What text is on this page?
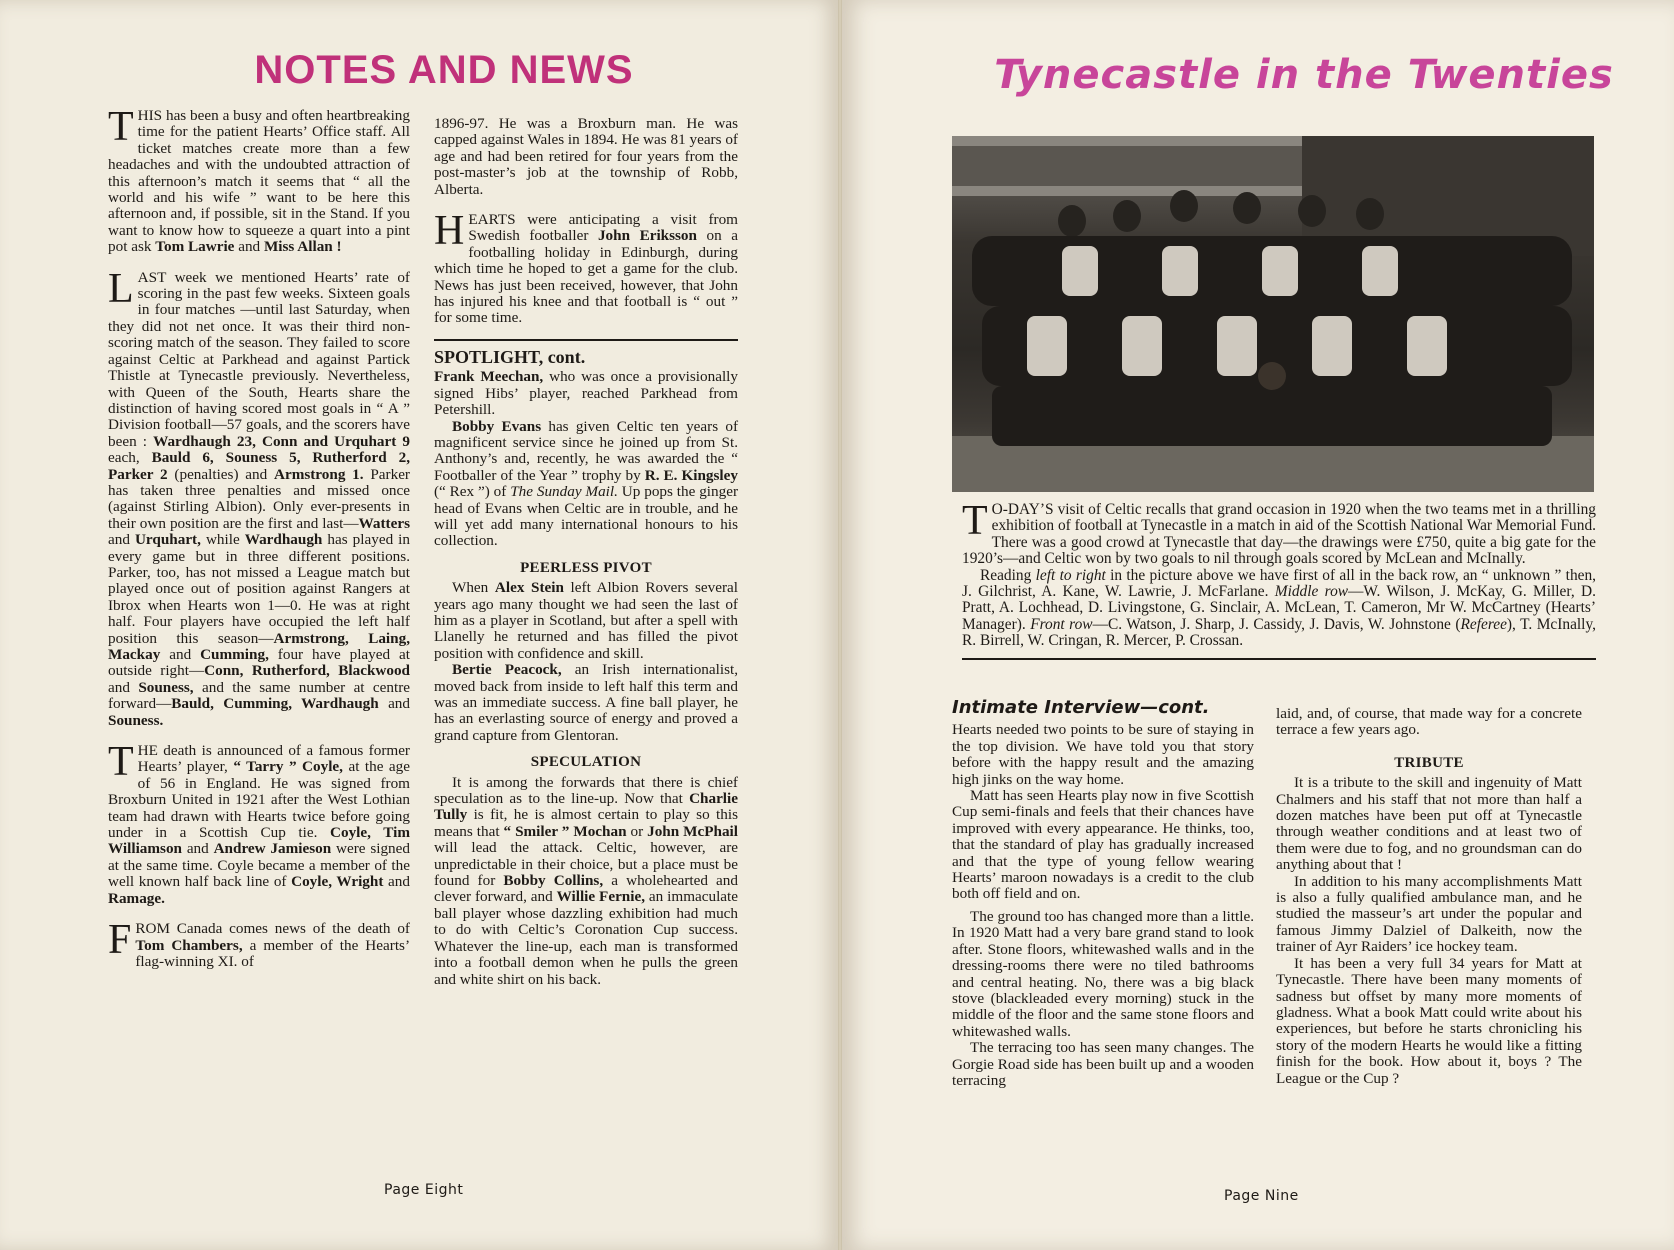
NOTES AND NEWS

THIS has been a busy and often heartbreaking time for the patient Hearts’ Office staff. All ticket matches create more than a few headaches and with the undoubted attraction of this afternoon’s match it seems that “ all the world and his wife ” want to be here this afternoon and, if possible, sit in the Stand. If you want to know how to squeeze a quart into a pint pot ask Tom Lawrie and Miss Allan !

LAST week we mentioned Hearts’ rate of scoring in the past few weeks. Sixteen goals in four matches —until last Saturday, when they did not net once. It was their third non-scoring match of the season. They failed to score against Celtic at Parkhead and against Partick Thistle at Tynecastle previously. Nevertheless, with Queen of the South, Hearts share the distinction of having scored most goals in “ A ” Division football—57 goals, and the scorers have been : Wardhaugh 23, Conn and Urquhart 9 each, Bauld 6, Souness 5, Rutherford 2, Parker 2 (penalties) and Armstrong 1. Parker has taken three penalties and missed once (against Stirling Albion). Only ever-presents in their own position are the first and last—Watters and Urquhart, while Wardhaugh has played in every game but in three different positions. Parker, too, has not missed a League match but played once out of position against Rangers at Ibrox when Hearts won 1—0. He was at right half. Four players have occupied the left half position this season—Armstrong, Laing, Mackay and Cumming, four have played at outside right—Conn, Rutherford, Blackwood and Souness, and the same number at centre forward—Bauld, Cumming, Wardhaugh and Souness.

THE death is announced of a famous former Hearts’ player, “ Tarry ” Coyle, at the age of 56 in England. He was signed from Broxburn United in 1921 after the West Lothian team had drawn with Hearts twice before going under in a Scottish Cup tie. Coyle, Tim Williamson and Andrew Jamieson were signed at the same time. Coyle became a member of the well known half back line of Coyle, Wright and Ramage.

FROM Canada comes news of the death of Tom Chambers, a member of the Hearts’ flag-winning XI. of

1896-97. He was a Broxburn man. He was capped against Wales in 1894. He was 81 years of age and had been retired for four years from the post-master’s job at the township of Robb, Alberta.

HEARTS were anticipating a visit from Swedish footballer John Eriksson on a footballing holiday in Edinburgh, during which time he hoped to get a game for the club. News has just been received, however, that John has injured his knee and that football is “ out ” for some time.

SPOTLIGHT, cont.

Frank Meechan, who was once a provisionally signed Hibs’ player, reached Parkhead from Petershill.

Bobby Evans has given Celtic ten years of magnificent service since he joined up from St. Anthony’s and, recently, he was awarded the “ Footballer of the Year ” trophy by R. E. Kingsley (“ Rex ”) of The Sunday Mail. Up pops the ginger head of Evans when Celtic are in trouble, and he will yet add many international honours to his collection.

PEERLESS PIVOT

When Alex Stein left Albion Rovers several years ago many thought we had seen the last of him as a player in Scotland, but after a spell with Llanelly he returned and has filled the pivot position with confidence and skill.

Bertie Peacock, an Irish internationalist, moved back from inside to left half this term and was an immediate success. A fine ball player, he has an everlasting source of energy and proved a grand capture from Glentoran.

SPECULATION

It is among the forwards that there is chief speculation as to the line-up. Now that Charlie Tully is fit, he is almost certain to play so this means that “ Smiler ” Mochan or John McPhail will lead the attack. Celtic, however, are unpredictable in their choice, but a place must be found for Bobby Collins, a wholehearted and clever forward, and Willie Fernie, an immaculate ball player whose dazzling exhibition had much to do with Celtic’s Coronation Cup success. Whatever the line-up, each man is transformed into a football demon when he pulls the green and white shirt on his back.

Page Eight
Tynecastle in the Twenties

T O-DAY’S visit of Celtic recalls that grand occasion in 1920 when the two teams met in a thrilling exhibition of football at Tynecastle in a match in aid of the Scottish National War Memorial Fund. There was a good crowd at Tynecastle that day—the drawings were £750, quite a big gate for the 1920’s—and Celtic won by two goals to nil through goals scored by McLean and McInally.

Reading left to right in the picture above we have first of all in the back row, an “ unknown ” then, J. Gilchrist, A. Kane, W. Lawrie, J. McFarlane. Middle row—W. Wilson, J. McKay, G. Miller, D. Pratt, A. Lochhead, D. Livingstone, G. Sinclair, A. McLean, T. Cameron, Mr W. McCartney (Hearts’ Manager). Front row—C. Watson, J. Sharp, J. Cassidy, J. Davis, W. Johnstone (Referee), T. McInally, R. Birrell, W. Cringan, R. Mercer, P. Crossan.

Intimate Interview—cont.

Hearts needed two points to be sure of staying in the top division. We have told you that story before with the happy result and the amazing high jinks on the way home.

Matt has seen Hearts play now in five Scottish Cup semi-finals and feels that their chances have improved with every appearance. He thinks, too, that the standard of play has gradually increased and that the type of young fellow wearing Hearts’ maroon nowadays is a credit to the club both off field and on.

The ground too has changed more than a little. In 1920 Matt had a very bare grand stand to look after. Stone floors, whitewashed walls and in the dressing-rooms there were no tiled bathrooms and central heating. No, there was a big black stove (blackleaded every morning) stuck in the middle of the floor and the same stone floors and whitewashed walls.

The terracing too has seen many changes. The Gorgie Road side has been built up and a wooden terracing

laid, and, of course, that made way for a concrete terrace a few years ago.

TRIBUTE

It is a tribute to the skill and ingenuity of Matt Chalmers and his staff that not more than half a dozen matches have been put off at Tynecastle through weather conditions and at least two of them were due to fog, and no groundsman can do anything about that !

In addition to his many accomplishments Matt is also a fully qualified ambulance man, and he studied the masseur’s art under the popular and famous Jimmy Dalziel of Dalkeith, now the trainer of Ayr Raiders’ ice hockey team.

It has been a very full 34 years for Matt at Tynecastle. There have been many moments of sadness but offset by many more moments of gladness. What a book Matt could write about his experiences, but before he starts chronicling his story of the modern Hearts he would like a fitting finish for the book. How about it, boys ? The League or the Cup ?

Page Nine
